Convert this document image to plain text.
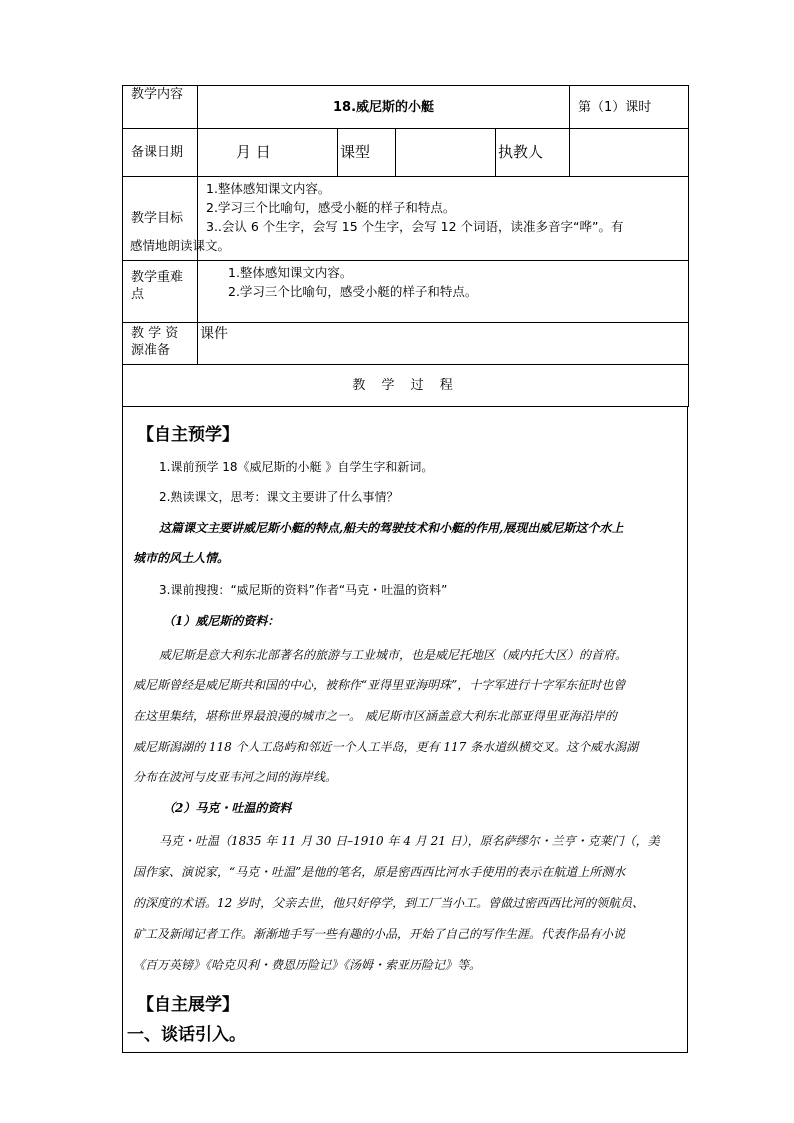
教学内容	18.威尼斯的小艇				第（1）课时
备课日期	月 日	课型		执教人	
教学目标	1.整体感知课文内容。
2.学习三个比喻句，感受小艇的样子和特点。
3..会认 6 个生字，会写 15 个生字，会写 12 个词语，读准多音字“哗”。有
感情地朗读课文。				

教学重难点	1.整体感知课文内容。
2.学习三个比喻句，感受小艇的样子和特点。				

教 学 资 源准备	课件				
教 学 过 程					
【自主预学】
1.课前预学 18《威尼斯的小艇 》自学生字和新词。
2.熟读课文，思考：课文主要讲了什么事情？
这篇课文主要讲威尼斯小艇的特点,船夫的驾驶技术和小艇的作用,展现出威尼斯这个水上
城市的风土人情。
3.课前搜搜：“威尼斯的资料”作者“马克・吐温的资料”
（1）威尼斯的资料：
威尼斯是意大利东北部著名的旅游与工业城市，也是威尼托地区（威内托大区）的首府。
威尼斯曾经是威尼斯共和国的中心，被称作“亚得里亚海明珠”，十字军进行十字军东征时也曾
在这里集结，堪称世界最浪漫的城市之一。 威尼斯市区涵盖意大利东北部亚得里亚海沿岸的
威尼斯潟湖的 118 个人工岛屿和邻近一个人工半岛，更有 117 条水道纵横交叉。这个威水潟湖
分布在波河与皮亚韦河之间的海岸线。
（2）马克・吐温的资料
马克・吐温（1835 年 11 月 30 日–1910 年 4 月 21 日），原名萨缪尔・兰亨・克莱门（，美
国作家、演说家，“马克・吐温”是他的笔名，原是密西西比河水手使用的表示在航道上所测水
的深度的术语。12 岁时，父亲去世，他只好停学，到工厂当小工。曾做过密西西比河的领航员、
矿工及新闻记者工作。渐渐地手写一些有趣的小品，开始了自己的写作生涯。代表作品有小说
《百万英镑》《哈克贝利・费恩历险记》《汤姆・索亚历险记》等。
【自主展学】
一、谈话引入。
